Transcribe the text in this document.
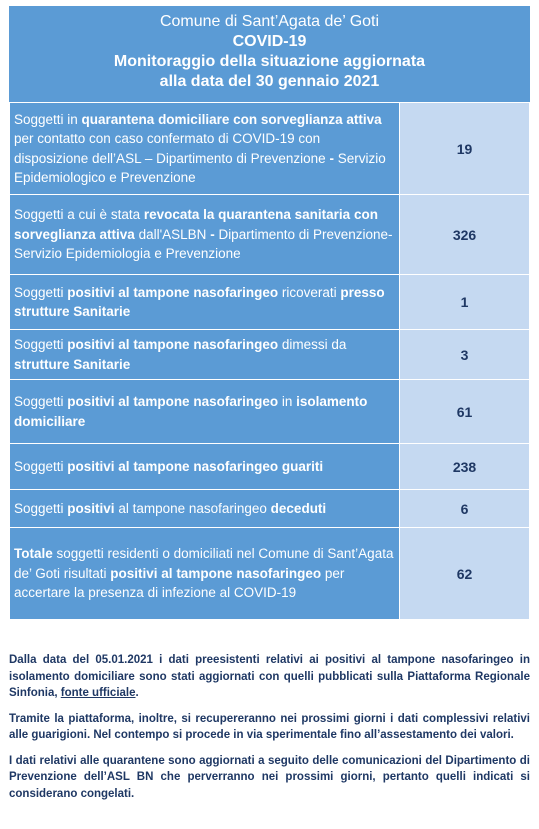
Comune di Sant’Agata de’ Goti
COVID-19
Monitoraggio della situazione aggiornata
alla data del 30 gennaio 2021
Soggetti in quarantena domiciliare con sorveglianza attiva per contatto con caso confermato di COVID-19 con disposizione dell’ASL – Dipartimento di Prevenzione - Servizio Epidemiologico e Prevenzione	19
Soggetti a cui è stata revocata la quarantena sanitaria con sorveglianza attiva dall'ASLBN - Dipartimento di Prevenzione-Servizio Epidemiologia e Prevenzione	326
Soggetti positivi al tampone nasofaringeo ricoverati presso strutture Sanitarie	1
Soggetti positivi al tampone nasofaringeo dimessi da strutture Sanitarie	3
Soggetti positivi al tampone nasofaringeo in isolamento domiciliare	61
Soggetti positivi al tampone nasofaringeo guariti	238
Soggetti positivi al tampone nasofaringeo deceduti	6
Totale soggetti residenti o domiciliati nel Comune di Sant’Agata de’ Goti risultati positivi al tampone nasofaringeo per accertare la presenza di infezione al COVID-19	62

Dalla data del 05.01.2021 i dati preesistenti relativi ai positivi al tampone nasofaringeo in isolamento domiciliare sono stati aggiornati con quelli pubblicati sulla Piattaforma Regionale Sinfonia, fonte ufficiale.

Tramite la piattaforma, inoltre, si recupereranno nei prossimi giorni i dati complessivi relativi alle guarigioni. Nel contempo si procede in via sperimentale fino all’assestamento dei valori.

I dati relativi alle quarantene sono aggiornati a seguito delle comunicazioni del Dipartimento di Prevenzione dell’ASL BN che perverranno nei prossimi giorni, pertanto quelli indicati si considerano congelati.
